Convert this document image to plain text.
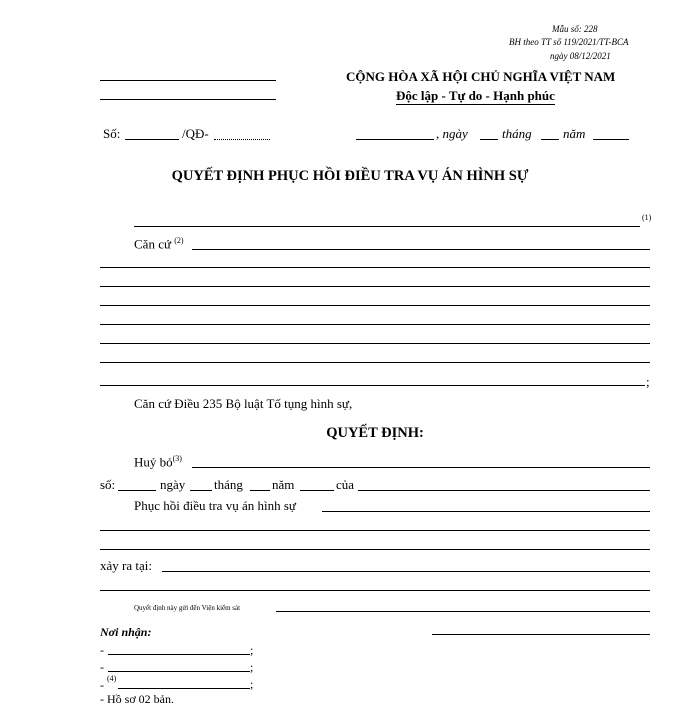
Mẫu số: 228
BH theo TT số 119/2021/TT-BCA
ngày 08/12/2021
CỘNG HÒA XÃ HỘI CHỦ NGHĨA VIỆT NAM
Độc lập - Tự do - Hạnh phúc
Số:	/QĐ-	, ngày	tháng năm
QUYẾT ĐỊNH PHỤC HỒI ĐIỀU TRA VỤ ÁN HÌNH SỰ
(1)
Căn cứ $^{(2)}$
;
Căn cứ Điều 235 Bộ luật Tố tụng hình sự,
QUYẾT ĐỊNH:
Huỷ bỏ$^{(3)}$
số:	ngày tháng năm	của
Phục hồi điều tra vụ án hình sự
xảy ra tại:
Quyết định này gửi đến Viện kiểm sát
Nơi nhận:
-	;
-	;
- (4)	;
- Hồ sơ 02 bản.
